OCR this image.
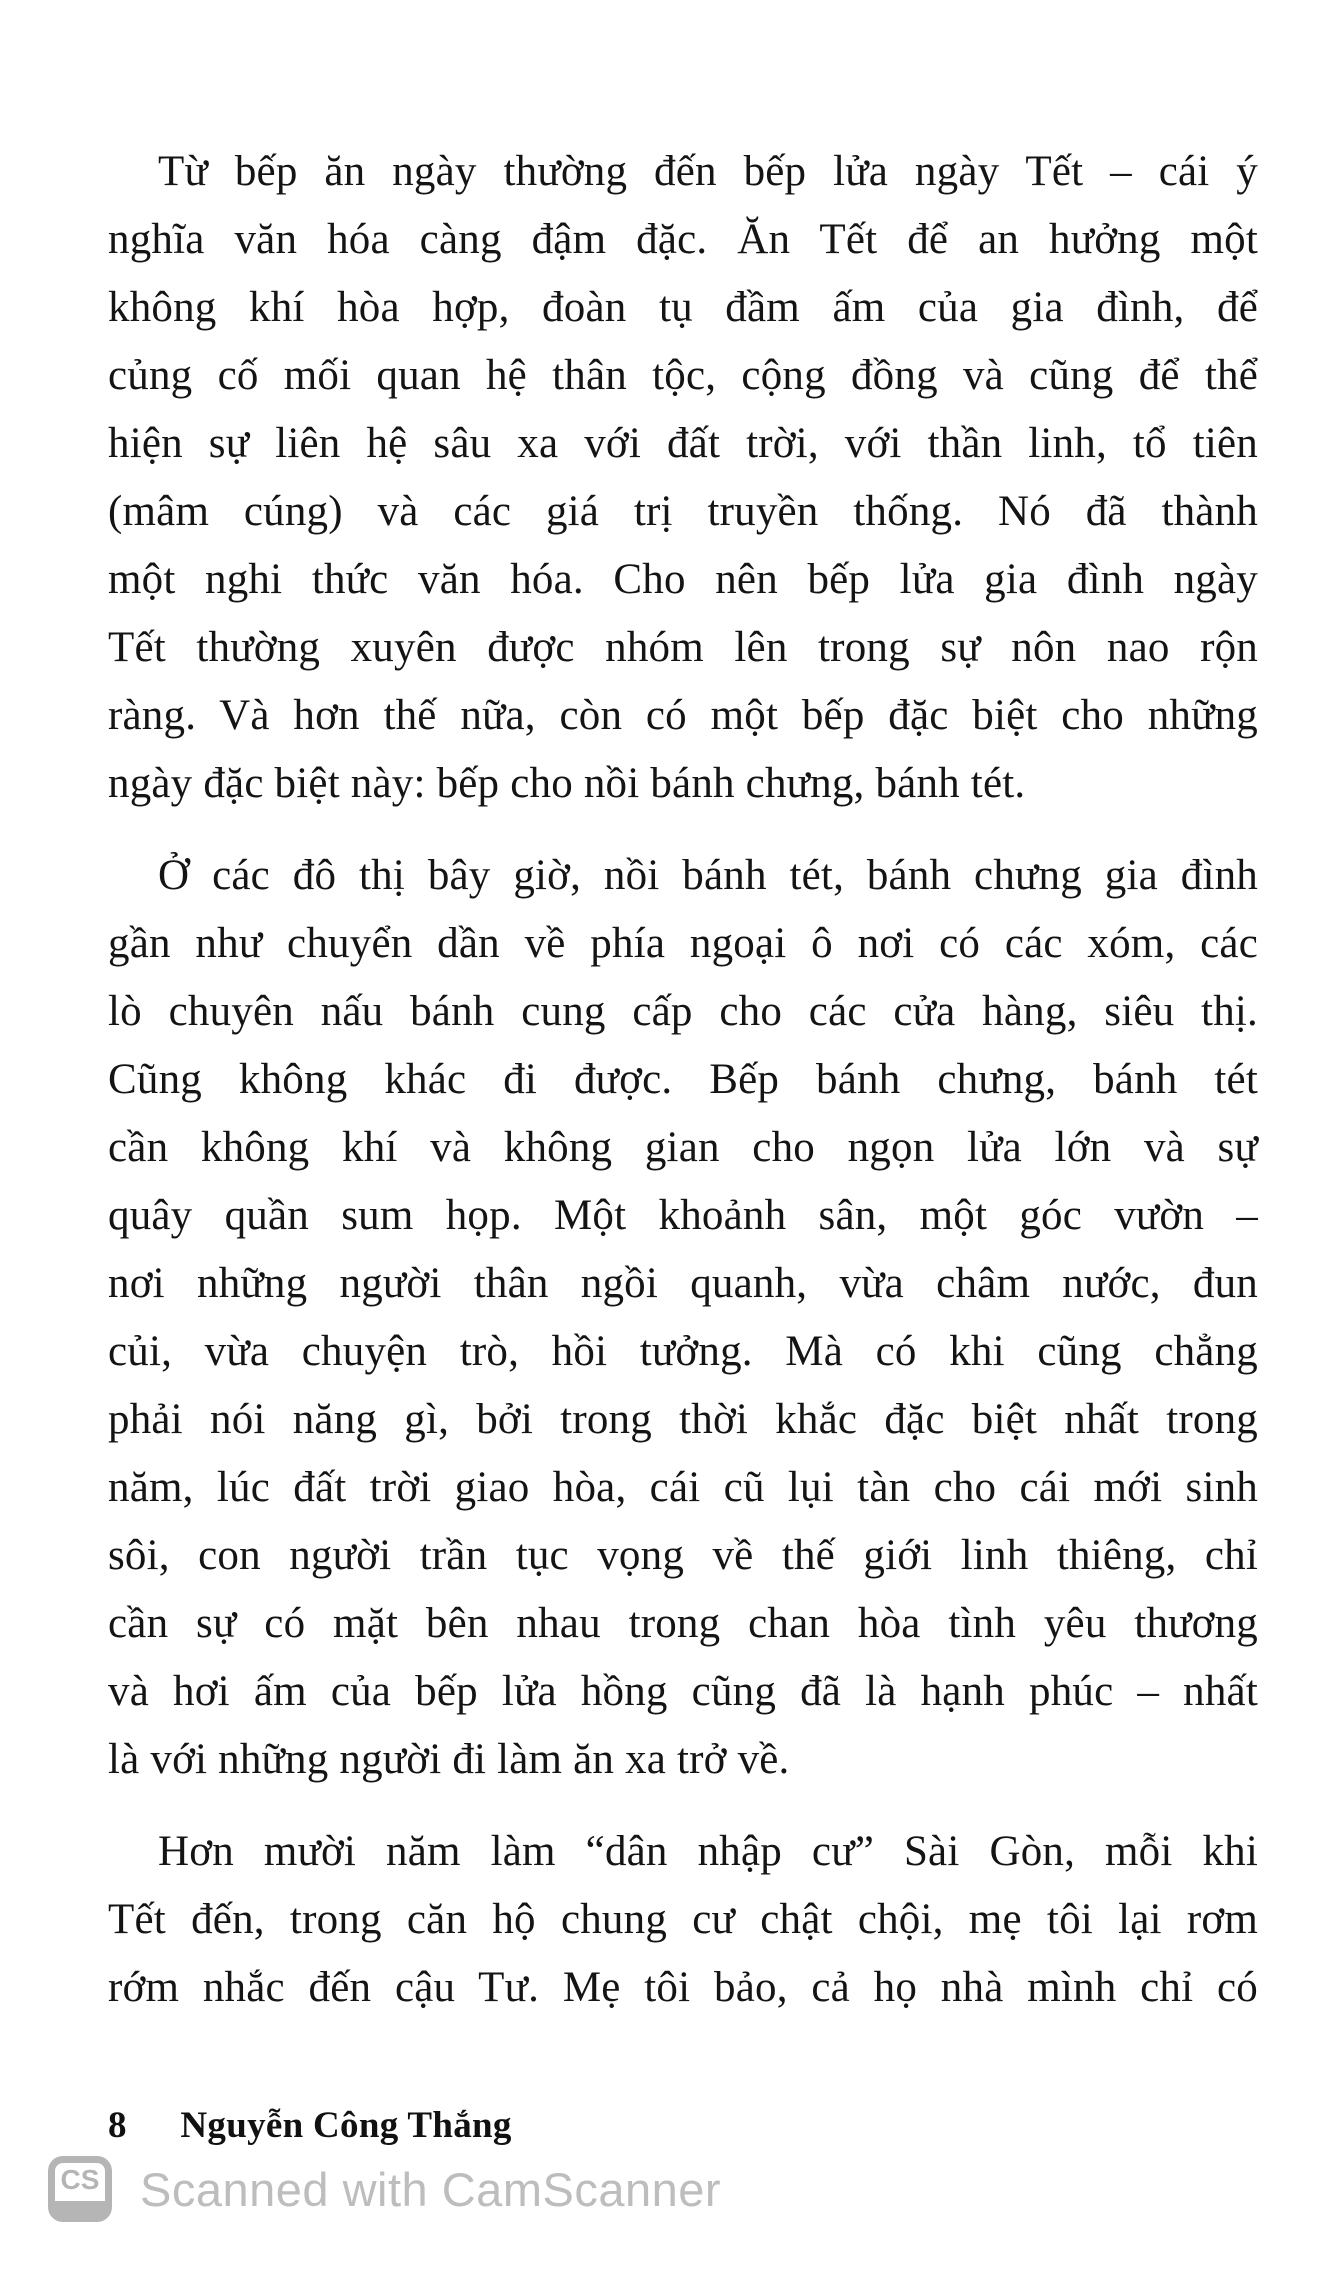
Từ bếp ăn ngày thường đến bếp lửa ngày Tết – cái ý
nghĩa văn hóa càng đậm đặc. Ăn Tết để an hưởng một
không khí hòa hợp, đoàn tụ đầm ấm của gia đình, để
củng cố mối quan hệ thân tộc, cộng đồng và cũng để thể
hiện sự liên hệ sâu xa với đất trời, với thần linh, tổ tiên
(mâm cúng) và các giá trị truyền thống. Nó đã thành
một nghi thức văn hóa. Cho nên bếp lửa gia đình ngày
Tết thường xuyên được nhóm lên trong sự nôn nao rộn
ràng. Và hơn thế nữa, còn có một bếp đặc biệt cho những
ngày đặc biệt này: bếp cho nồi bánh chưng, bánh tét.
Ở các đô thị bây giờ, nồi bánh tét, bánh chưng gia đình
gần như chuyển dần về phía ngoại ô nơi có các xóm, các
lò chuyên nấu bánh cung cấp cho các cửa hàng, siêu thị.
Cũng không khác đi được. Bếp bánh chưng, bánh tét
cần không khí và không gian cho ngọn lửa lớn và sự
quây quần sum họp. Một khoảnh sân, một góc vườn –
nơi những người thân ngồi quanh, vừa châm nước, đun
củi, vừa chuyện trò, hồi tưởng. Mà có khi cũng chẳng
phải nói năng gì, bởi trong thời khắc đặc biệt nhất trong
năm, lúc đất trời giao hòa, cái cũ lụi tàn cho cái mới sinh
sôi, con người trần tục vọng về thế giới linh thiêng, chỉ
cần sự có mặt bên nhau trong chan hòa tình yêu thương
và hơi ấm của bếp lửa hồng cũng đã là hạnh phúc – nhất
là với những người đi làm ăn xa trở về.
Hơn mười năm làm “dân nhập cư” Sài Gòn, mỗi khi
Tết đến, trong căn hộ chung cư chật chội, mẹ tôi lại rơm
rớm nhắc đến cậu Tư. Mẹ tôi bảo, cả họ nhà mình chỉ có
8 Nguyễn Công Thắng
CS Scanned with CamScanner
